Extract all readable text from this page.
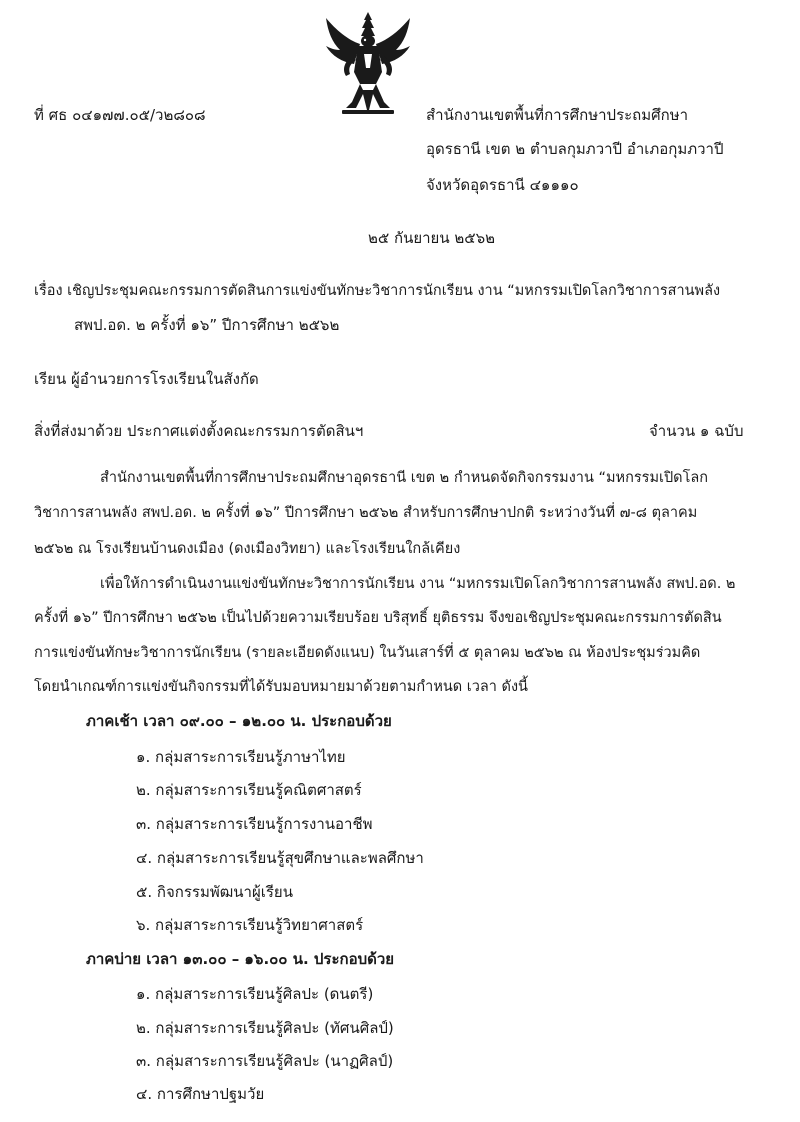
ที่ ศธ ๐๔๑๗๗.๐๕/ว๒๘๐๘	สำนักงานเขตพื้นที่การศึกษาประถมศึกษา
อุดรธานี เขต ๒ ตำบลกุมภวาปี อำเภอกุมภวาปี
จังหวัดอุดรธานี ๔๑๑๑๐
๒๕ กันยายน ๒๕๖๒
เรื่อง เชิญประชุมคณะกรรมการตัดสินการแข่งขันทักษะวิชาการนักเรียน งาน “มหกรรมเปิดโลกวิชาการสานพลัง
สพป.อด. ๒ ครั้งที่ ๑๖” ปีการศึกษา ๒๕๖๒
เรียน ผู้อำนวยการโรงเรียนในสังกัด
สิ่งที่ส่งมาด้วย ประกาศแต่งตั้งคณะกรรมการตัดสินฯ	จำนวน ๑ ฉบับ
สำนักงานเขตพื้นที่การศึกษาประถมศึกษาอุดรธานี เขต ๒ กำหนดจัดกิจกรรมงาน “มหกรรมเปิดโลก
วิชาการสานพลัง สพป.อด. ๒ ครั้งที่ ๑๖” ปีการศึกษา ๒๕๖๒ สำหรับการศึกษาปกติ ระหว่างวันที่ ๗-๘ ตุลาคม
๒๕๖๒ ณ โรงเรียนบ้านดงเมือง (ดงเมืองวิทยา) และโรงเรียนใกล้เคียง
เพื่อให้การดำเนินงานแข่งขันทักษะวิชาการนักเรียน งาน “มหกรรมเปิดโลกวิชาการสานพลัง สพป.อด. ๒
ครั้งที่ ๑๖” ปีการศึกษา ๒๕๖๒ เป็นไปด้วยความเรียบร้อย บริสุทธิ์ ยุติธรรม จึงขอเชิญประชุมคณะกรรมการตัดสิน
การแข่งขันทักษะวิชาการนักเรียน (รายละเอียดดังแนบ) ในวันเสาร์ที่ ๕ ตุลาคม ๒๕๖๒ ณ ห้องประชุมร่วมคิด
โดยนำเกณฑ์การแข่งขันกิจกรรมที่ได้รับมอบหมายมาด้วยตามกำหนด เวลา ดังนี้
ภาคเช้า เวลา ๐๙.๐๐ – ๑๒.๐๐ น. ประกอบด้วย
๑. กลุ่มสาระการเรียนรู้ภาษาไทย
๒. กลุ่มสาระการเรียนรู้คณิตศาสตร์
๓. กลุ่มสาระการเรียนรู้การงานอาชีพ
๔. กลุ่มสาระการเรียนรู้สุขศึกษาและพลศึกษา
๕. กิจกรรมพัฒนาผู้เรียน
๖. กลุ่มสาระการเรียนรู้วิทยาศาสตร์
ภาคบ่าย เวลา ๑๓.๐๐ – ๑๖.๐๐ น. ประกอบด้วย
๑. กลุ่มสาระการเรียนรู้ศิลปะ (ดนตรี)
๒. กลุ่มสาระการเรียนรู้ศิลปะ (ทัศนศิลป์)
๓. กลุ่มสาระการเรียนรู้ศิลปะ (นาฏศิลป์)
๔. การศึกษาปฐมวัย
